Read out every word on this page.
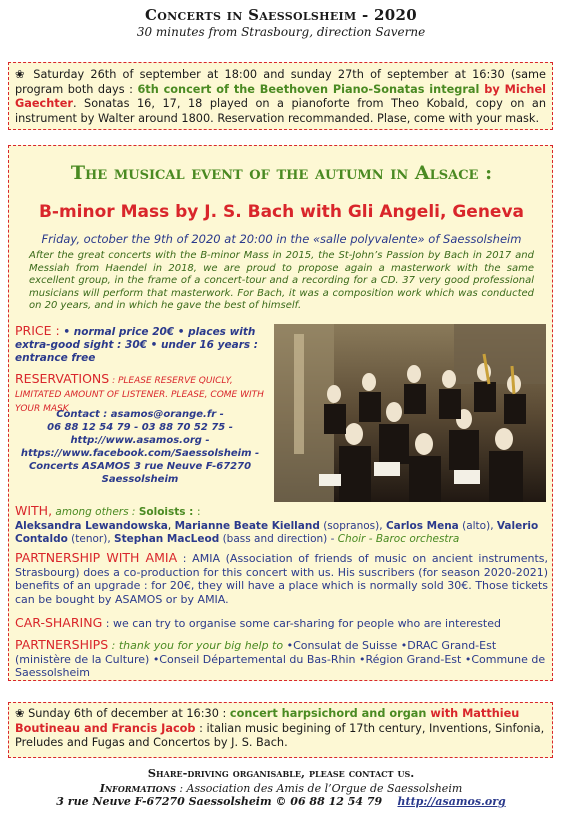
Concerts in Saessolsheim - 2020
30 minutes from Strasbourg, direction Saverne
❀ Saturday 26th of september at 18:00 and sunday 27th of september at 16:30 (same program both days : 6th concert of the Beethoven Piano-Sonatas integral by Michel Gaechter. Sonatas 16, 17, 18 played on a pianoforte from Theo Kobald, copy on an instrument by Walter around 1800. Reservation recommanded. Plase, come with your mask.
The musical event of the autumn in Alsace :
B-minor Mass by J. S. Bach with Gli Angeli, Geneva
Friday, october the 9th of 2020 at 20:00 in the «salle polyvalente» of Saessolsheim
After the great concerts with the B-minor Mass in 2015, the St-John’s Passion by Bach in 2017 and Messiah from Haendel in 2018, we are proud to propose again a masterwork with the same excellent group, in the frame of a concert-tour and a recording for a CD. 37 very good professional musicians will perform that masterwork. For Bach, it was a composition work which was conducted on 20 years, and in which he gave the best of himself.
PRICE : • normal price 20€ • places with extra-good sight : 30€ • under 16 years : entrance free
RESERVATIONS : PLEASE RESERVE QUICLY, LIMITATED AMOUNT OF LISTENER. PLEASE, COME WITH YOUR MASK
Contact : asamos@orange.fr -
06 88 12 54 79 - 03 88 70 52 75 -
http://www.asamos.org -
https://www.facebook.com/Saessolsheim -
Concerts ASAMOS 3 rue Neuve F-67270
Saessolsheim
WITH, among others : Soloists : :
Aleksandra Lewandowska, Marianne Beate Kielland (sopranos), Carlos Mena (alto), Valerio Contaldo (tenor), Stephan MacLeod (bass and direction) - Choir - Baroc orchestra
PARTNERSHIP WITH AMIA : AMIA (Association of friends of music on ancient instruments, Strasbourg) does a co-production for this concert with us. His suscribers (for season 2020-2021) benefits of an upgrade : for 20€, they will have a place which is normally sold 30€. Those tickets can be bought by ASAMOS or by AMIA.
CAR-SHARING : we can try to organise some car-sharing for people who are interested
PARTNERSHIPS : thank you for your big help to •Consulat de Suisse •DRAC Grand-Est (ministère de la Culture) •Conseil Départemental du Bas-Rhin •Région Grand-Est •Commune de Saessolsheim
❀ Sunday 6th of december at 16:30 : concert harpsichord and organ with Matthieu Boutineau and Francis Jacob : italian music begining of 17th century, Inventions, Sinfonia, Preludes and Fugas and Concertos by J. S. Bach.
Share-driving organisable, please contact us.
Informations : Association des Amis de l’Orgue de Saessolsheim
3 rue Neuve F-67270 Saessolsheim © 06 88 12 54 79 http://asamos.org
